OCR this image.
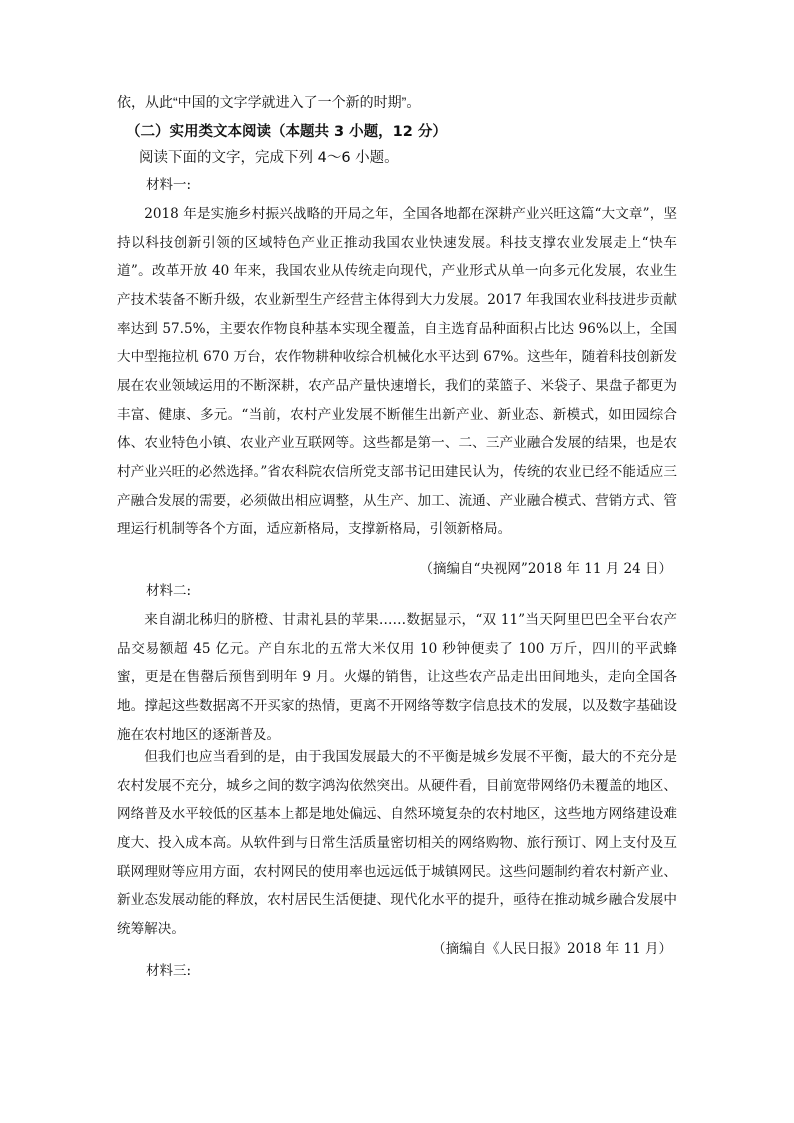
依，从此“中国的文字学就进入了一个新的时期”。
（二）实用类文本阅读（本题共 3 小题，12 分）
阅读下面的文字，完成下列 4～6 小题。
材料一:
2018 年是实施乡村振兴战略的开局之年，全国各地都在深耕产业兴旺这篇“大文章”，坚持以科技创新引领的区域特色产业正推动我国农业快速发展。科技支撑农业发展走上“快车道”。改革开放 40 年来，我国农业从传统走向现代，产业形式从单一向多元化发展，农业生产技术装备不断升级，农业新型生产经营主体得到大力发展。2017 年我国农业科技进步贡献率达到 57.5%，主要农作物良种基本实现全覆盖，自主选育品种面积占比达 96%以上，全国大中型拖拉机 670 万台，农作物耕种收综合机械化水平达到 67%。这些年，随着科技创新发展在农业领域运用的不断深耕，农产品产量快速增长，我们的菜篮子、米袋子、果盘子都更为丰富、健康、多元。“当前，农村产业发展不断催生出新产业、新业态、新模式，如田园综合体、农业特色小镇、农业产业互联网等。这些都是第一、二、三产业融合发展的结果，也是农村产业兴旺的必然选择。”省农科院农信所党支部书记田建民认为，传统的农业已经不能适应三产融合发展的需要，必须做出相应调整，从生产、加工、流通、产业融合模式、营销方式、管理运行机制等各个方面，适应新格局，支撑新格局，引领新格局。
（摘编自“央视网”2018 年 11 月 24 日）
材料二:
来自湖北秭归的脐橙、甘肃礼县的苹果……数据显示，“双 11”当天阿里巴巴全平台农产品交易额超 45 亿元。产自东北的五常大米仅用 10 秒钟便卖了 100 万斤，四川的平武蜂蜜，更是在售罄后预售到明年 9 月。火爆的销售，让这些农产品走出田间地头，走向全国各地。撑起这些数据离不开买家的热情，更离不开网络等数字信息技术的发展，以及数字基础设施在农村地区的逐渐普及。
但我们也应当看到的是，由于我国发展最大的不平衡是城乡发展不平衡，最大的不充分是农村发展不充分，城乡之间的数字鸿沟依然突出。从硬件看，目前宽带网络仍未覆盖的地区、网络普及水平较低的区基本上都是地处偏远、自然环境复杂的农村地区，这些地方网络建设难度大、投入成本高。从软件到与日常生活质量密切相关的网络购物、旅行预订、网上支付及互联网理财等应用方面，农村网民的使用率也远远低于城镇网民。这些问题制约着农村新产业、新业态发展动能的释放，农村居民生活便捷、现代化水平的提升，亟待在推动城乡融合发展中统筹解决。
（摘编自《人民日报》2018 年 11 月）
材料三:
